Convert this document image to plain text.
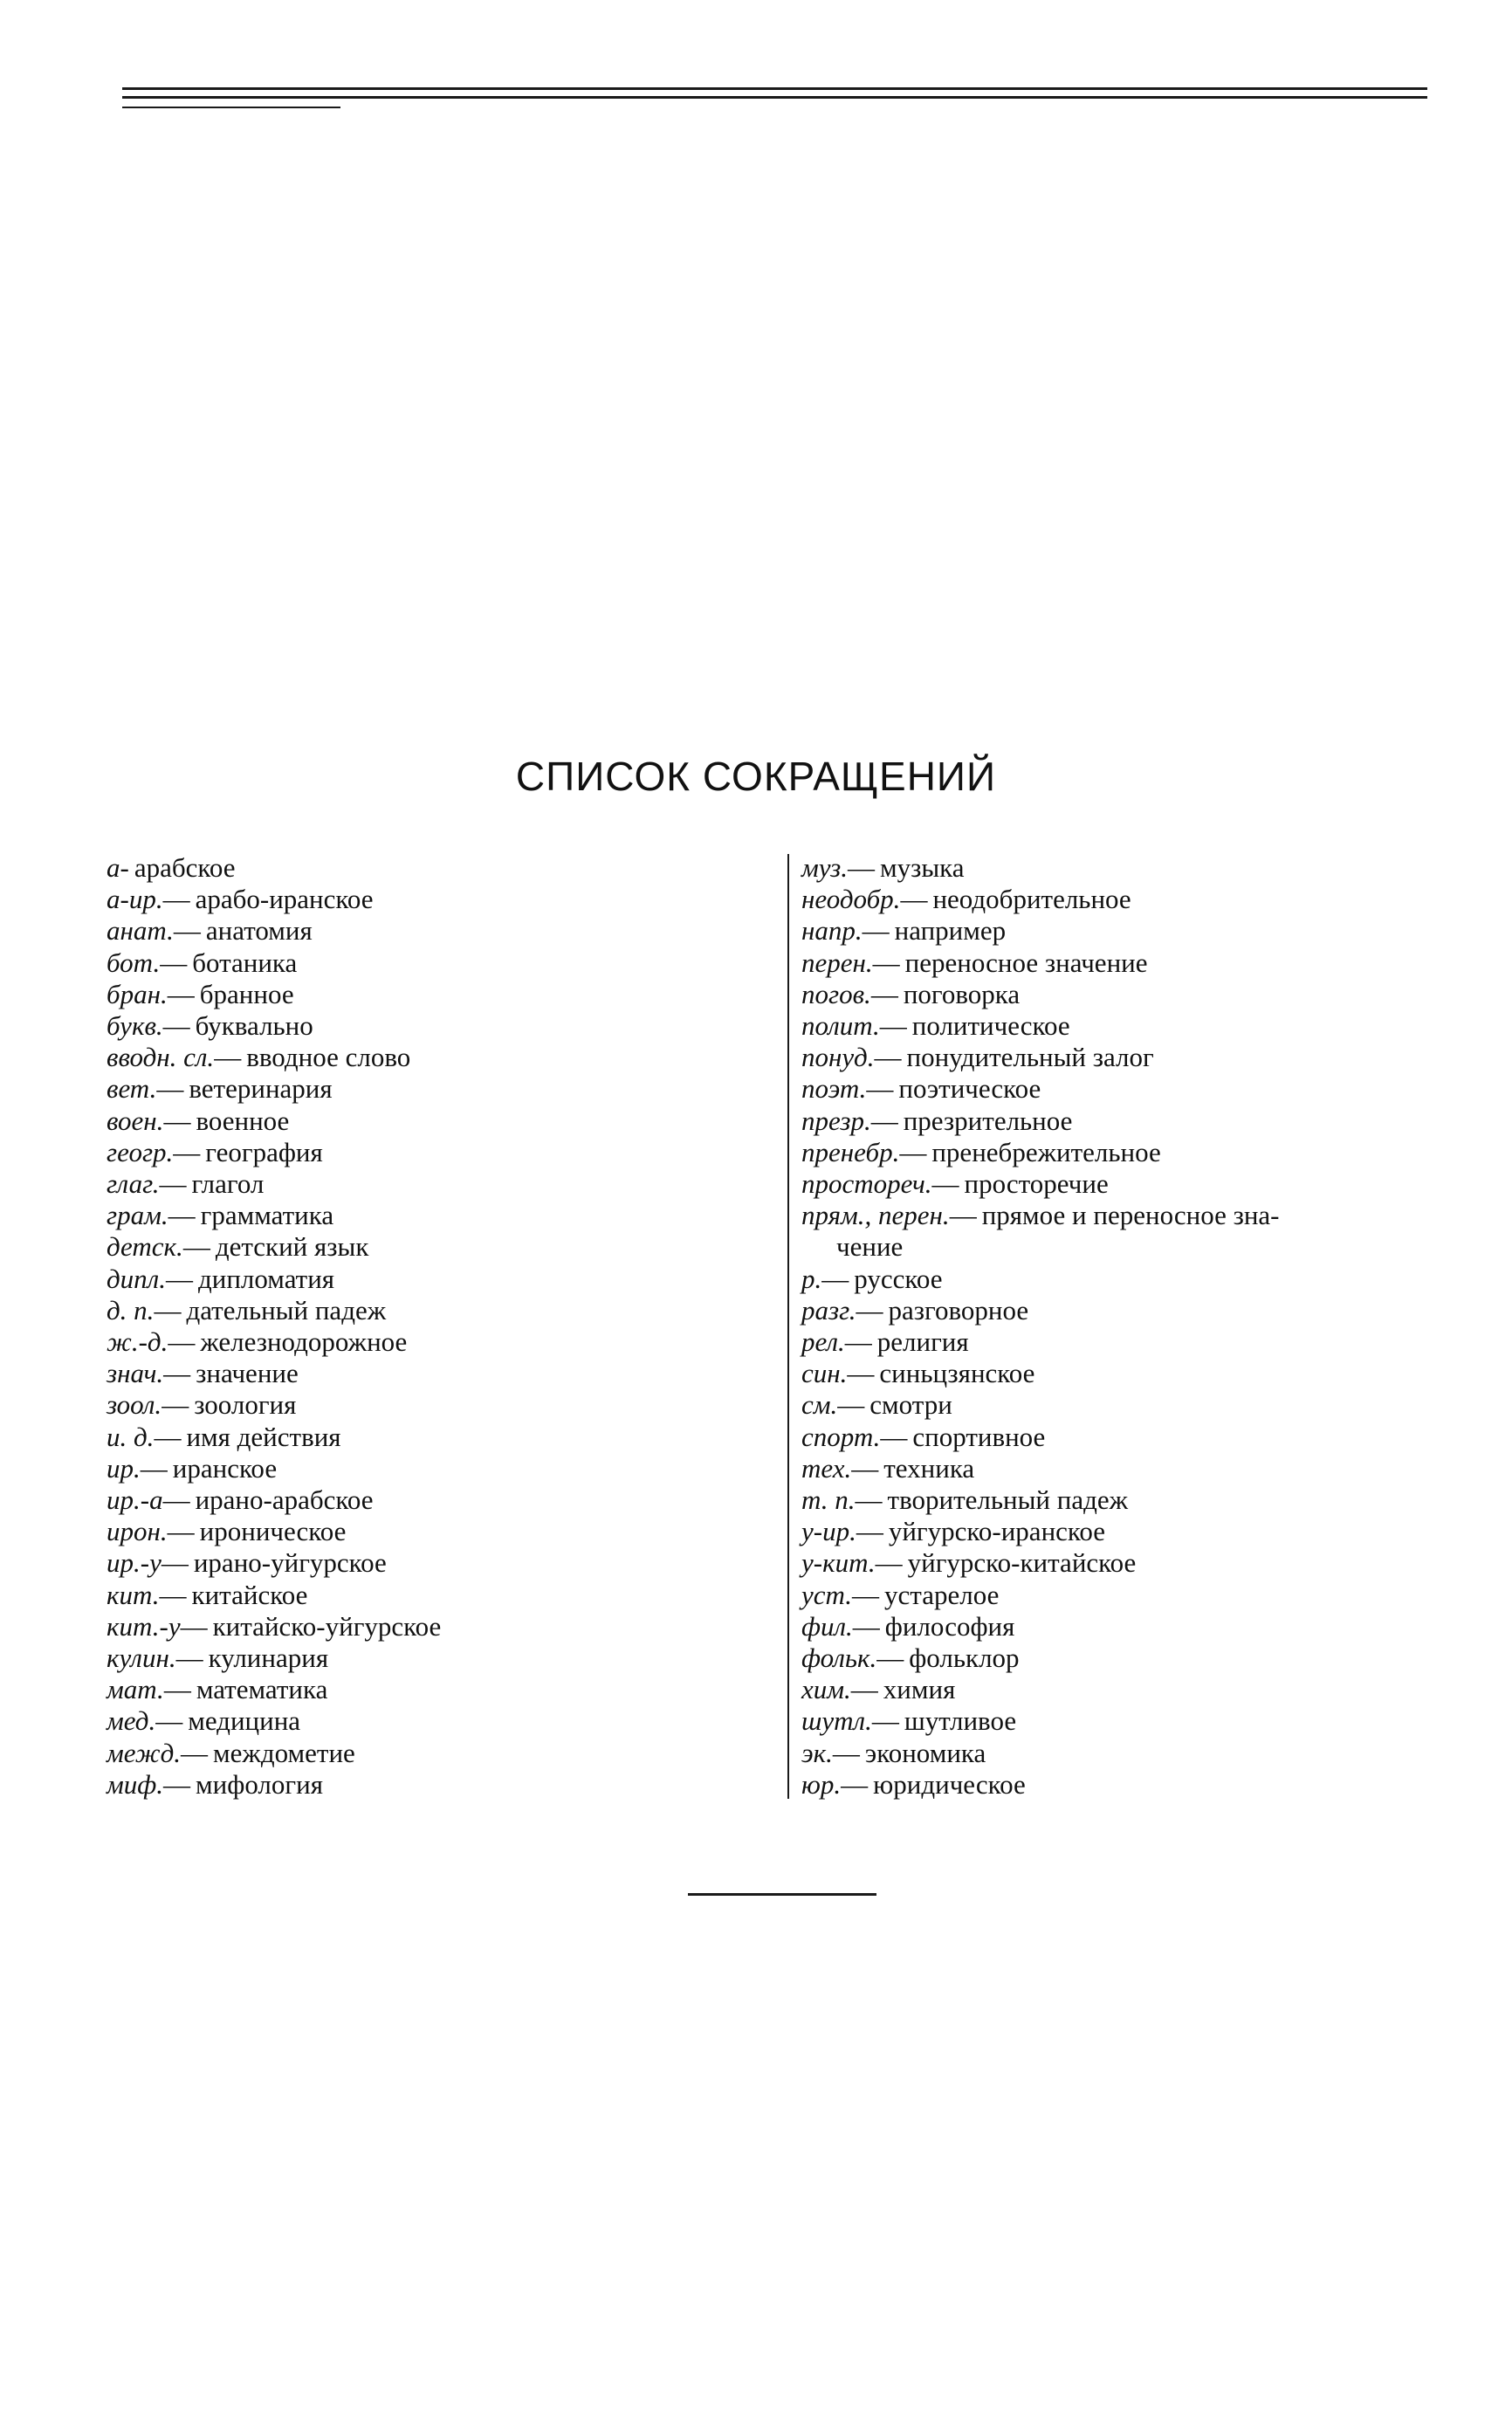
СПИСОК СОКРАЩЕНИЙ
а- арабское
а-ир.— арабо-иранское
анат.— анатомия
бот.— ботаника
бран.— бранное
букв.— буквально
вводн. сл.— вводное слово
вет.— ветеринария
воен.— военное
геогр.— география
глаг.— глагол
грам.— грамматика
детск.— детский язык
дипл.— дипломатия
д. п.— дательный падеж
ж.-д.— железнодорожное
знач.— значение
зоол.— зоология
и. д.— имя действия
ир.— иранское
ир.-а— ирано-арабское
ирон.— ироническое
ир.-у— ирано-уйгурское
кит.— китайское
кит.-у— китайско-уйгурское
кулин.— кулинария
мат.— математика
мед.— медицина
межд.— междометие
миф.— мифология
муз.— музыка
неодобр.— неодобрительное
напр.— например
перен.— переносное значение
погов.— поговорка
полит.— политическое
понуд.— понудительный залог
поэт.— поэтическое
презр.— презрительное
пренебр.— пренебрежительное
простореч.— просторечие
прям., перен.— прямое и переносное зна-
чение
р.— русское
разг.— разговорное
рел.— религия
син.— синьцзянское
см.— смотри
спорт.— спортивное
тех.— техника
т. п.— творительный падеж
у-ир.— уйгурско-иранское
у-кит.— уйгурско-китайское
уст.— устарелое
фил.— философия
фольк.— фольклор
хим.— химия
шутл.— шутливое
эк.— экономика
юр.— юридическое
